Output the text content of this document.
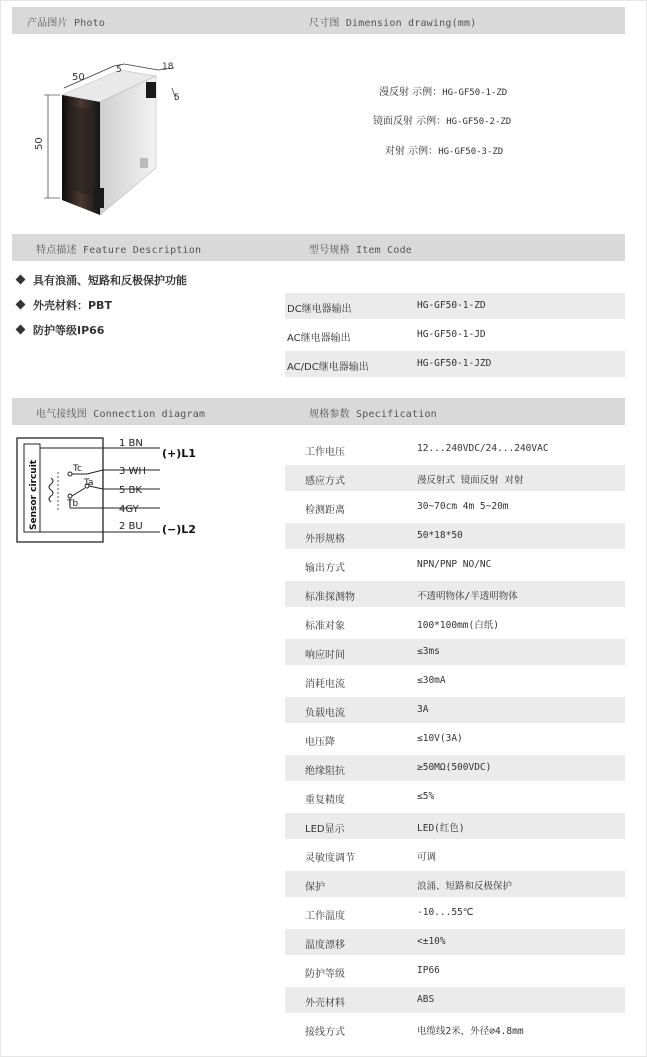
产品图片 Photo	尺寸图 Dimension drawing(mm)
50
5	18
5
50
漫反射 示例：HG-GF50-1-ZD
镜面反射 示例：HG-GF50-2-ZD
对射 示例：HG-GF50-3-ZD
特点描述 Feature Description	型号规格 Item Code
具有浪涌、短路和反极保护功能
外壳材料：PBT
防护等级IP66
DC继电器输出	HG-GF50-1-ZD
AC继电器输出	HG-GF50-1-JD
AC/DC继电器输出	HG-GF50-1-JZD
电气接线图 Connection diagram	规格参数 Specification
Sensor circuit	Tc
Ta
Tb
1 BN
3 WH
5 BK
4GY
2 BU
(+)L1
(−)L2
工作电压	12...240VDC/24...240VAC
感应方式	漫反射式 镜面反射 对射
检测距离	30~70cm 4m 5~20m
外形规格	50*18*50
输出方式	NPN/PNP NO/NC
标准探测物	不透明物体/半透明物体
标准对象	100*100mm(白纸)
响应时间	≤3ms
消耗电流	≤30mA
负载电流	3A
电压降	≤10V(3A)
绝缘阻抗	≥50MΩ(500VDC)
重复精度	≤5%
LED显示	LED(红色)
灵敏度调节	可调
保护	浪涌、短路和反极保护
工作温度	-10...55℃
温度漂移	<±10%
防护等级	IP66
外壳材料	ABS
接线方式	电缆线2米，外径∅4.8mm
